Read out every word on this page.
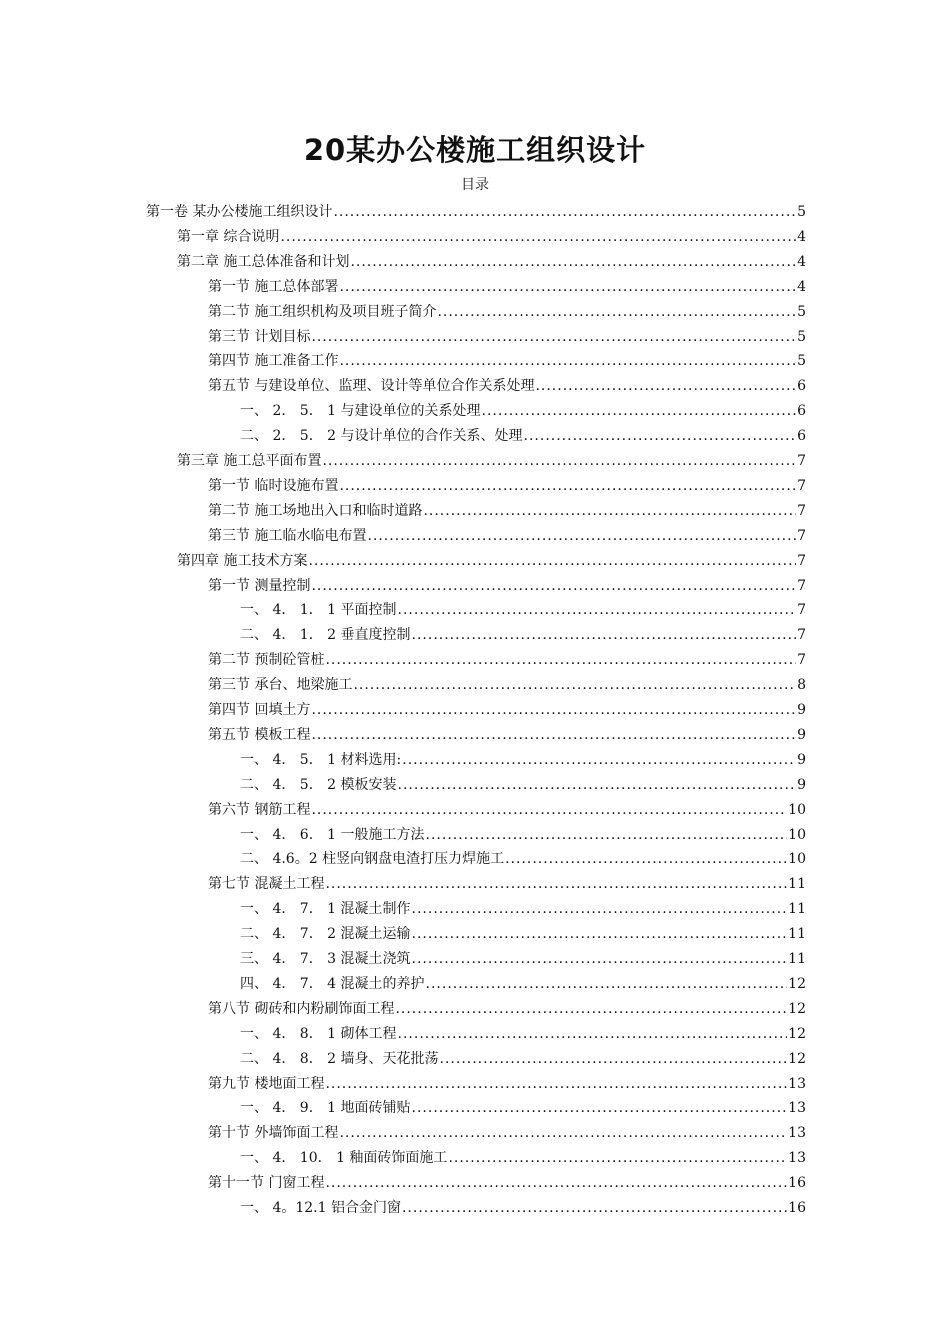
20某办公楼施工组织设计
目录
第一卷 某办公楼施工组织设计 .....	5
第一章 综合说明 .....	4
第二章 施工总体准备和计划 .....	4
第一节 施工总体部署 .....	4
第二节 施工组织机构及项目班子简介 .....	5
第三节 计划目标 .....	5
第四节 施工准备工作 .....	5
第五节 与建设单位、监理、设计等单位合作关系处理 .....	6
一、 2． 5． 1 与建设单位的关系处理 .....	6
二、 2． 5． 2 与设计单位的合作关系、处理 .....	6
第三章 施工总平面布置 .....	7
第一节 临时设施布置 .....	7
第二节 施工场地出入口和临时道路 .....	7
第三节 施工临水临电布置 .....	7
第四章 施工技术方案 .....	7
第一节 测量控制 .....	7
一、 4． 1． 1 平面控制 .....	7
二、 4． 1． 2 垂直度控制 .....	7
第二节 预制砼管桩 .....	7
第三节 承台、地梁施工 .....	8
第四节 回填土方 .....	9
第五节 模板工程 .....	9
一、 4． 5． 1 材料选用: .....	9
二、 4． 5． 2 模板安装 .....	9
第六节 钢筋工程 .....	10
一、 4． 6． 1 一般施工方法 .....	10
二、 4.6。2 柱竖向钢盘电渣打压力焊施工 .....	10
第七节 混凝土工程 .....	11
一、 4． 7． 1 混凝土制作 .....	11
二、 4． 7． 2 混凝土运输 .....	11
三、 4． 7． 3 混凝土浇筑 .....	11
四、 4． 7． 4 混凝土的养护 .....	12
第八节 砌砖和内粉刷饰面工程 .....	12
一、 4． 8． 1 砌体工程 .....	12
二、 4． 8． 2 墙身、天花批荡 .....	12
第九节 楼地面工程 .....	13
一、 4． 9． 1 地面砖铺贴 .....	13
第十节 外墙饰面工程 .....	13
一、 4． 10． 1 釉面砖饰面施工 .....	13
第十一节 门窗工程 .....	16
一、 4。12.1 铝合金门窗 .....	16
